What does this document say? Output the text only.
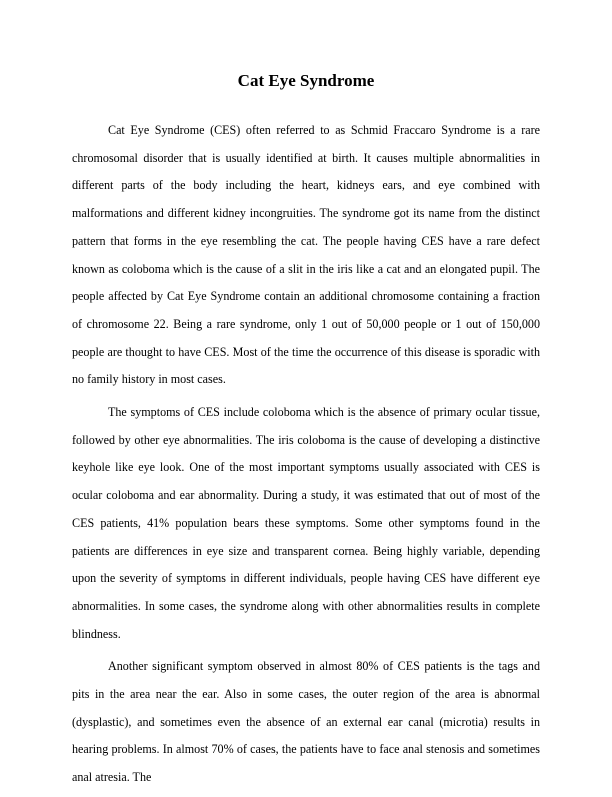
Cat Eye Syndrome

Cat Eye Syndrome (CES) often referred to as Schmid Fraccaro Syndrome is a rare chromosomal disorder that is usually identified at birth. It causes multiple abnormalities in different parts of the body including the heart, kidneys ears, and eye combined with malformations and different kidney incongruities. The syndrome got its name from the distinct pattern that forms in the eye resembling the cat. The people having CES have a rare defect known as coloboma which is the cause of a slit in the iris like a cat and an elongated pupil. The people affected by Cat Eye Syndrome contain an additional chromosome containing a fraction of chromosome 22. Being a rare syndrome, only 1 out of 50,000 people or 1 out of 150,000 people are thought to have CES. Most of the time the occurrence of this disease is sporadic with no family history in most cases.

The symptoms of CES include coloboma which is the absence of primary ocular tissue, followed by other eye abnormalities. The iris coloboma is the cause of developing a distinctive keyhole like eye look. One of the most important symptoms usually associated with CES is ocular coloboma and ear abnormality. During a study, it was estimated that out of most of the CES patients, 41% population bears these symptoms. Some other symptoms found in the patients are differences in eye size and transparent cornea. Being highly variable, depending upon the severity of symptoms in different individuals, people having CES have different eye abnormalities. In some cases, the syndrome along with other abnormalities results in complete blindness.

Another significant symptom observed in almost 80% of CES patients is the tags and pits in the area near the ear. Also in some cases, the outer region of the area is abnormal (dysplastic), and sometimes even the absence of an external ear canal (microtia) results in hearing problems. In almost 70% of cases, the patients have to face anal stenosis and sometimes anal atresia. The
